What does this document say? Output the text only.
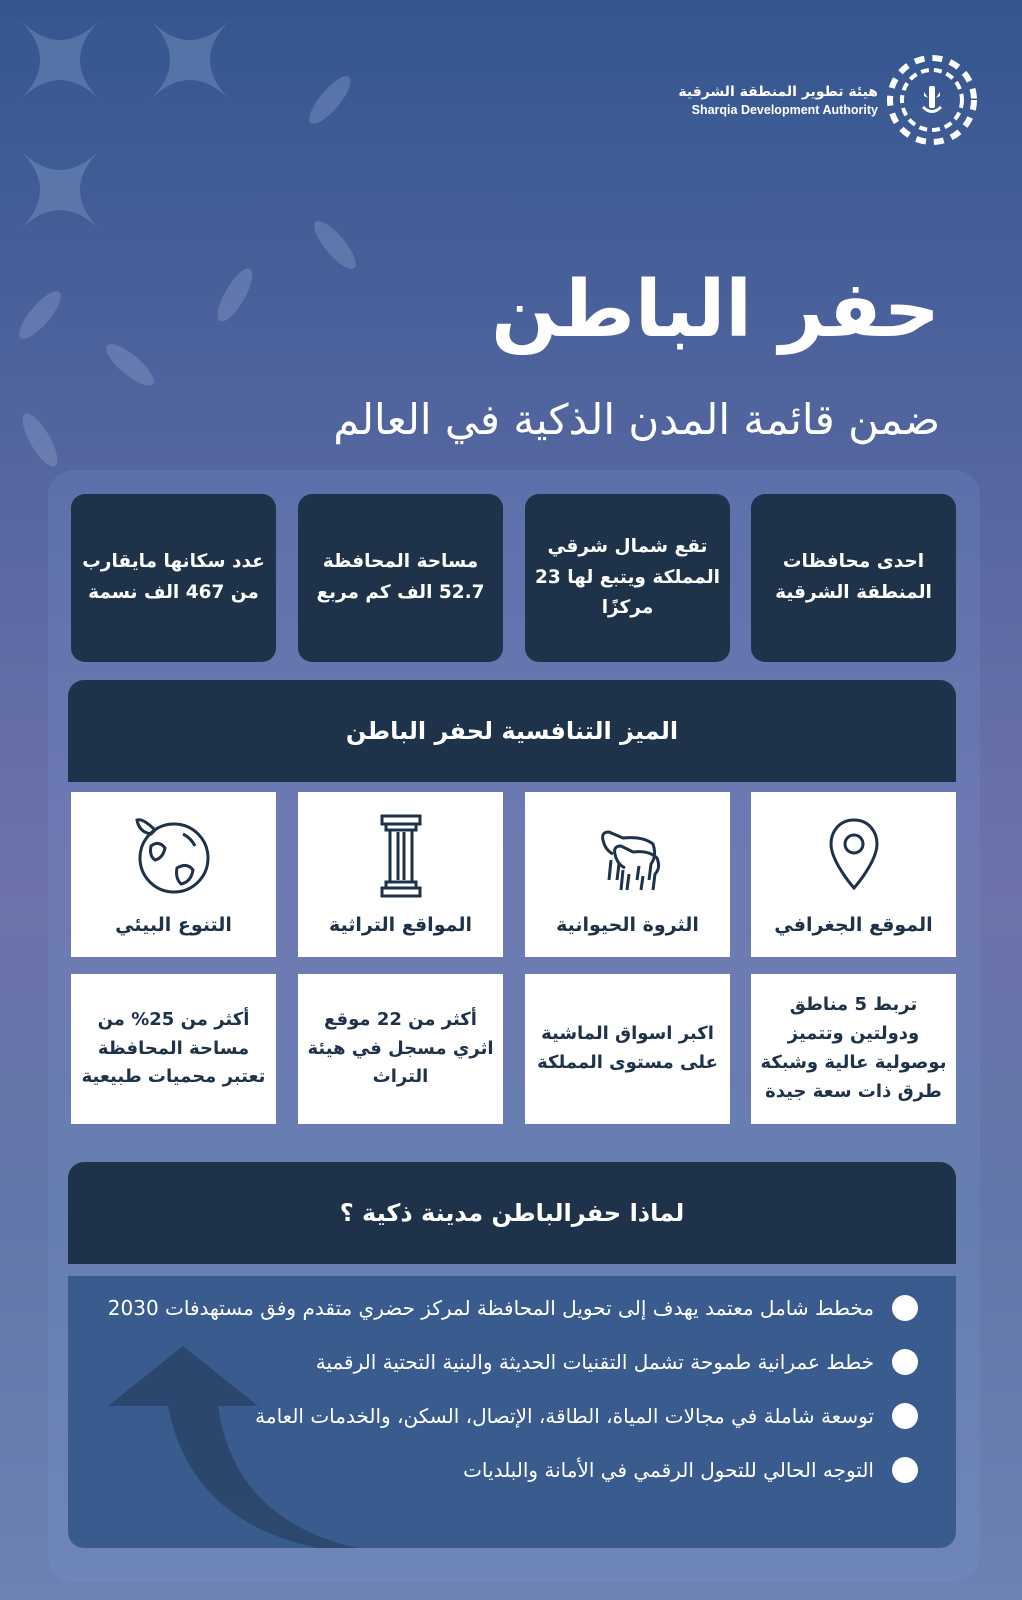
هيئة تطوير المنطقة الشرقية
Sharqia Development Authority
حفر الباطن
ضمن قائمة المدن الذكية في العالم
احدى محافظات المنطقة الشرقية
تقع شمال شرقي المملكة ويتبع لها 23 مركزًا
مساحة المحافظة 52.7 الف كم مربع
عدد سكانها مايقارب من 467 الف نسمة
الميز التنافسية لحفر الباطن
الموقع الجغرافي
الثروة الحيوانية
المواقع التراثية
التنوع البيئي
تربط 5 مناطق ودولتين وتتميز بوصولية عالية وشبكة طرق ذات سعة جيدة
اكبر اسواق الماشية على مستوى المملكة
أكثر من 22 موقع اثري مسجل في هيئة التراث
أكثر من 25% من مساحة المحافظة تعتبر محميات طبيعية
لماذا حفرالباطن مدينة ذكية ؟
مخطط شامل معتمد يهدف إلى تحويل المحافظة لمركز حضري متقدم وفق مستهدفات 2030
خطط عمرانية طموحة تشمل التقنيات الحديثة والبنية التحتية الرقمية
توسعة شاملة في مجالات المياة، الطاقة، الإتصال، السكن، والخدمات العامة
التوجه الحالي للتحول الرقمي في الأمانة والبلديات
